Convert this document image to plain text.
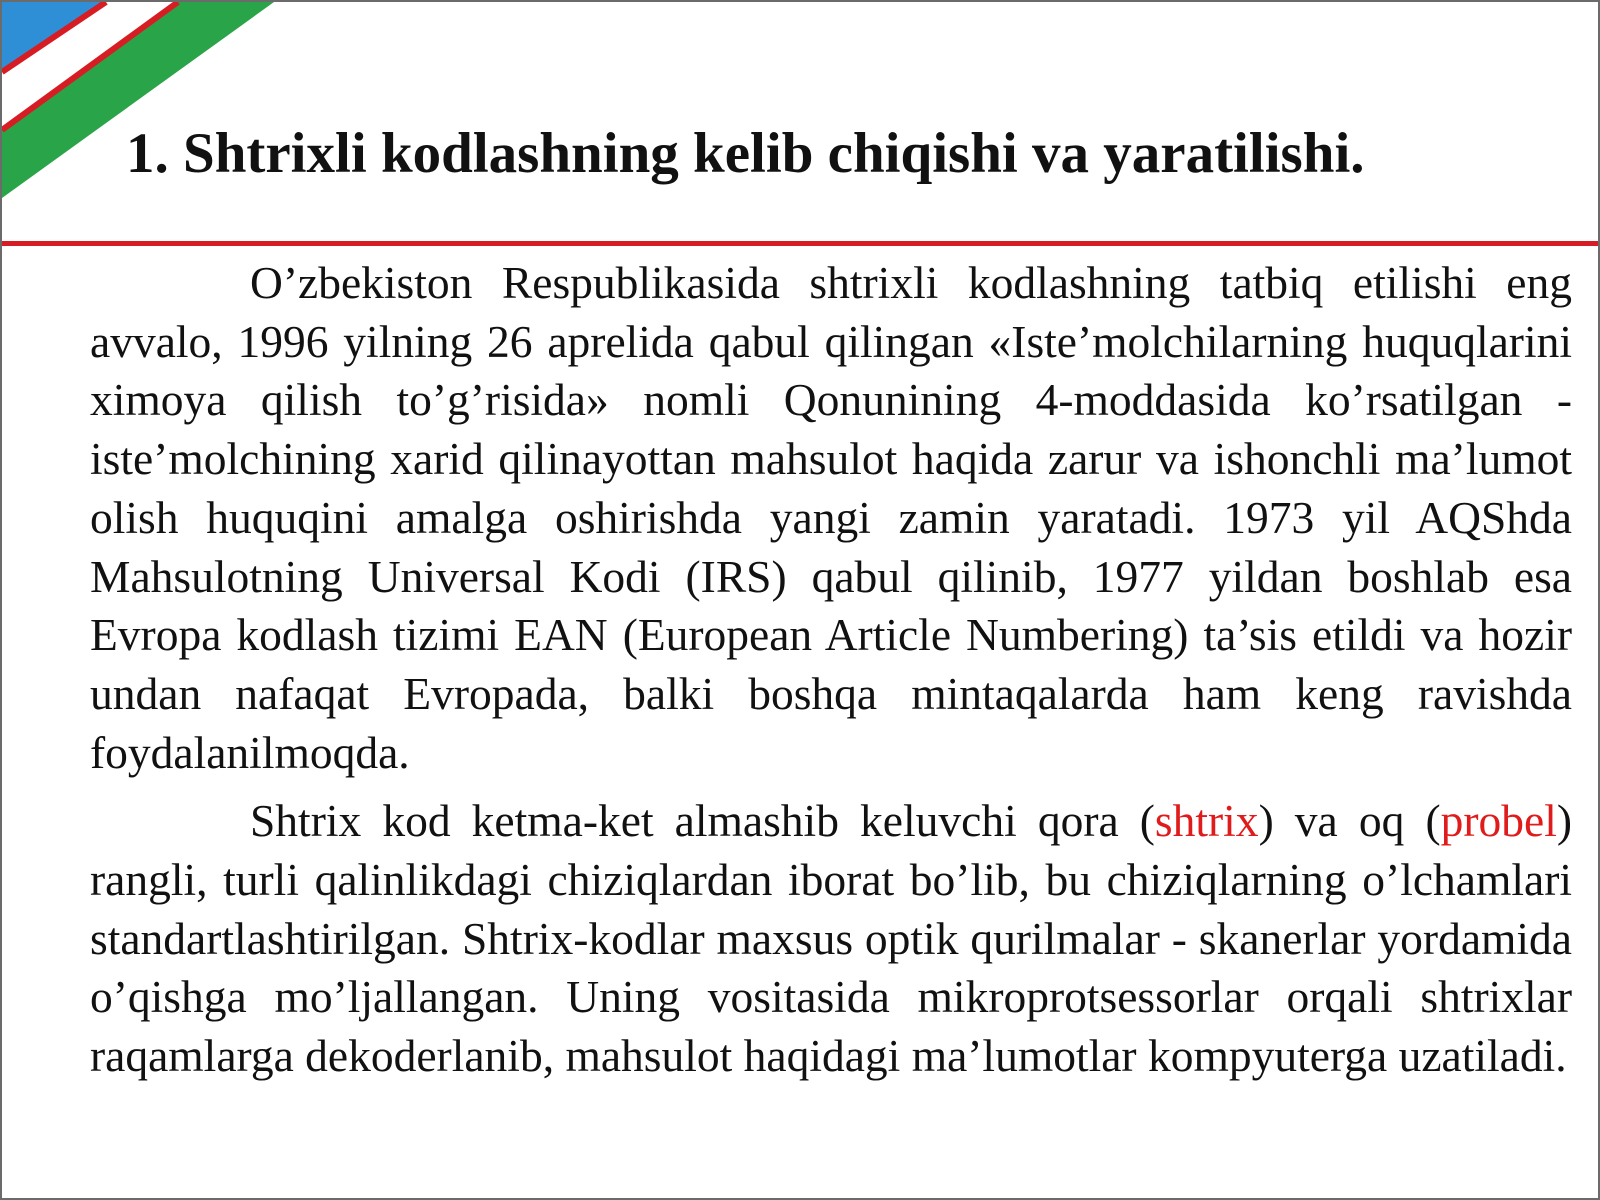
1. Shtrixli kodlashning kelib chiqishi va yaratilishi.

O’zbekiston Respublikasida shtrixli kodlashning tatbiq etilishi eng avvalo, 1996 yilning 26 aprelida qabul qilingan «Iste’molchilarning huquqlarini ximoya qilish to’g’risida» nomli Qonunining 4-moddasida ko’rsatilgan - iste’molchining xarid qilinayottan mahsulot haqida zarur va ishonchli ma’lumot olish huquqini amalga oshirishda yangi zamin yaratadi. 1973 yil AQShda Mahsulotning Universal Kodi (IRS) qabul qilinib, 1977 yildan boshlab esa Evropa kodlash tizimi EAN (European Article Numbering) ta’sis etildi va hozir undan nafaqat Evropada, balki boshqa mintaqalarda ham keng ravishda foydalanilmoqda.

Shtrix kod ketma-ket almashib keluvchi qora (shtrix) va oq (probel) rangli, turli qalinlikdagi chiziqlardan iborat bo’lib, bu chiziqlarning o’lchamlari standartlashtirilgan. Shtrix-kodlar maxsus optik qurilmalar - skanerlar yordamida o’qishga mo’ljallangan. Uning vositasida mikroprotsessorlar orqali shtrixlar raqamlarga dekoderlanib, mahsulot haqidagi ma’lumotlar kompyuterga uzatiladi.
